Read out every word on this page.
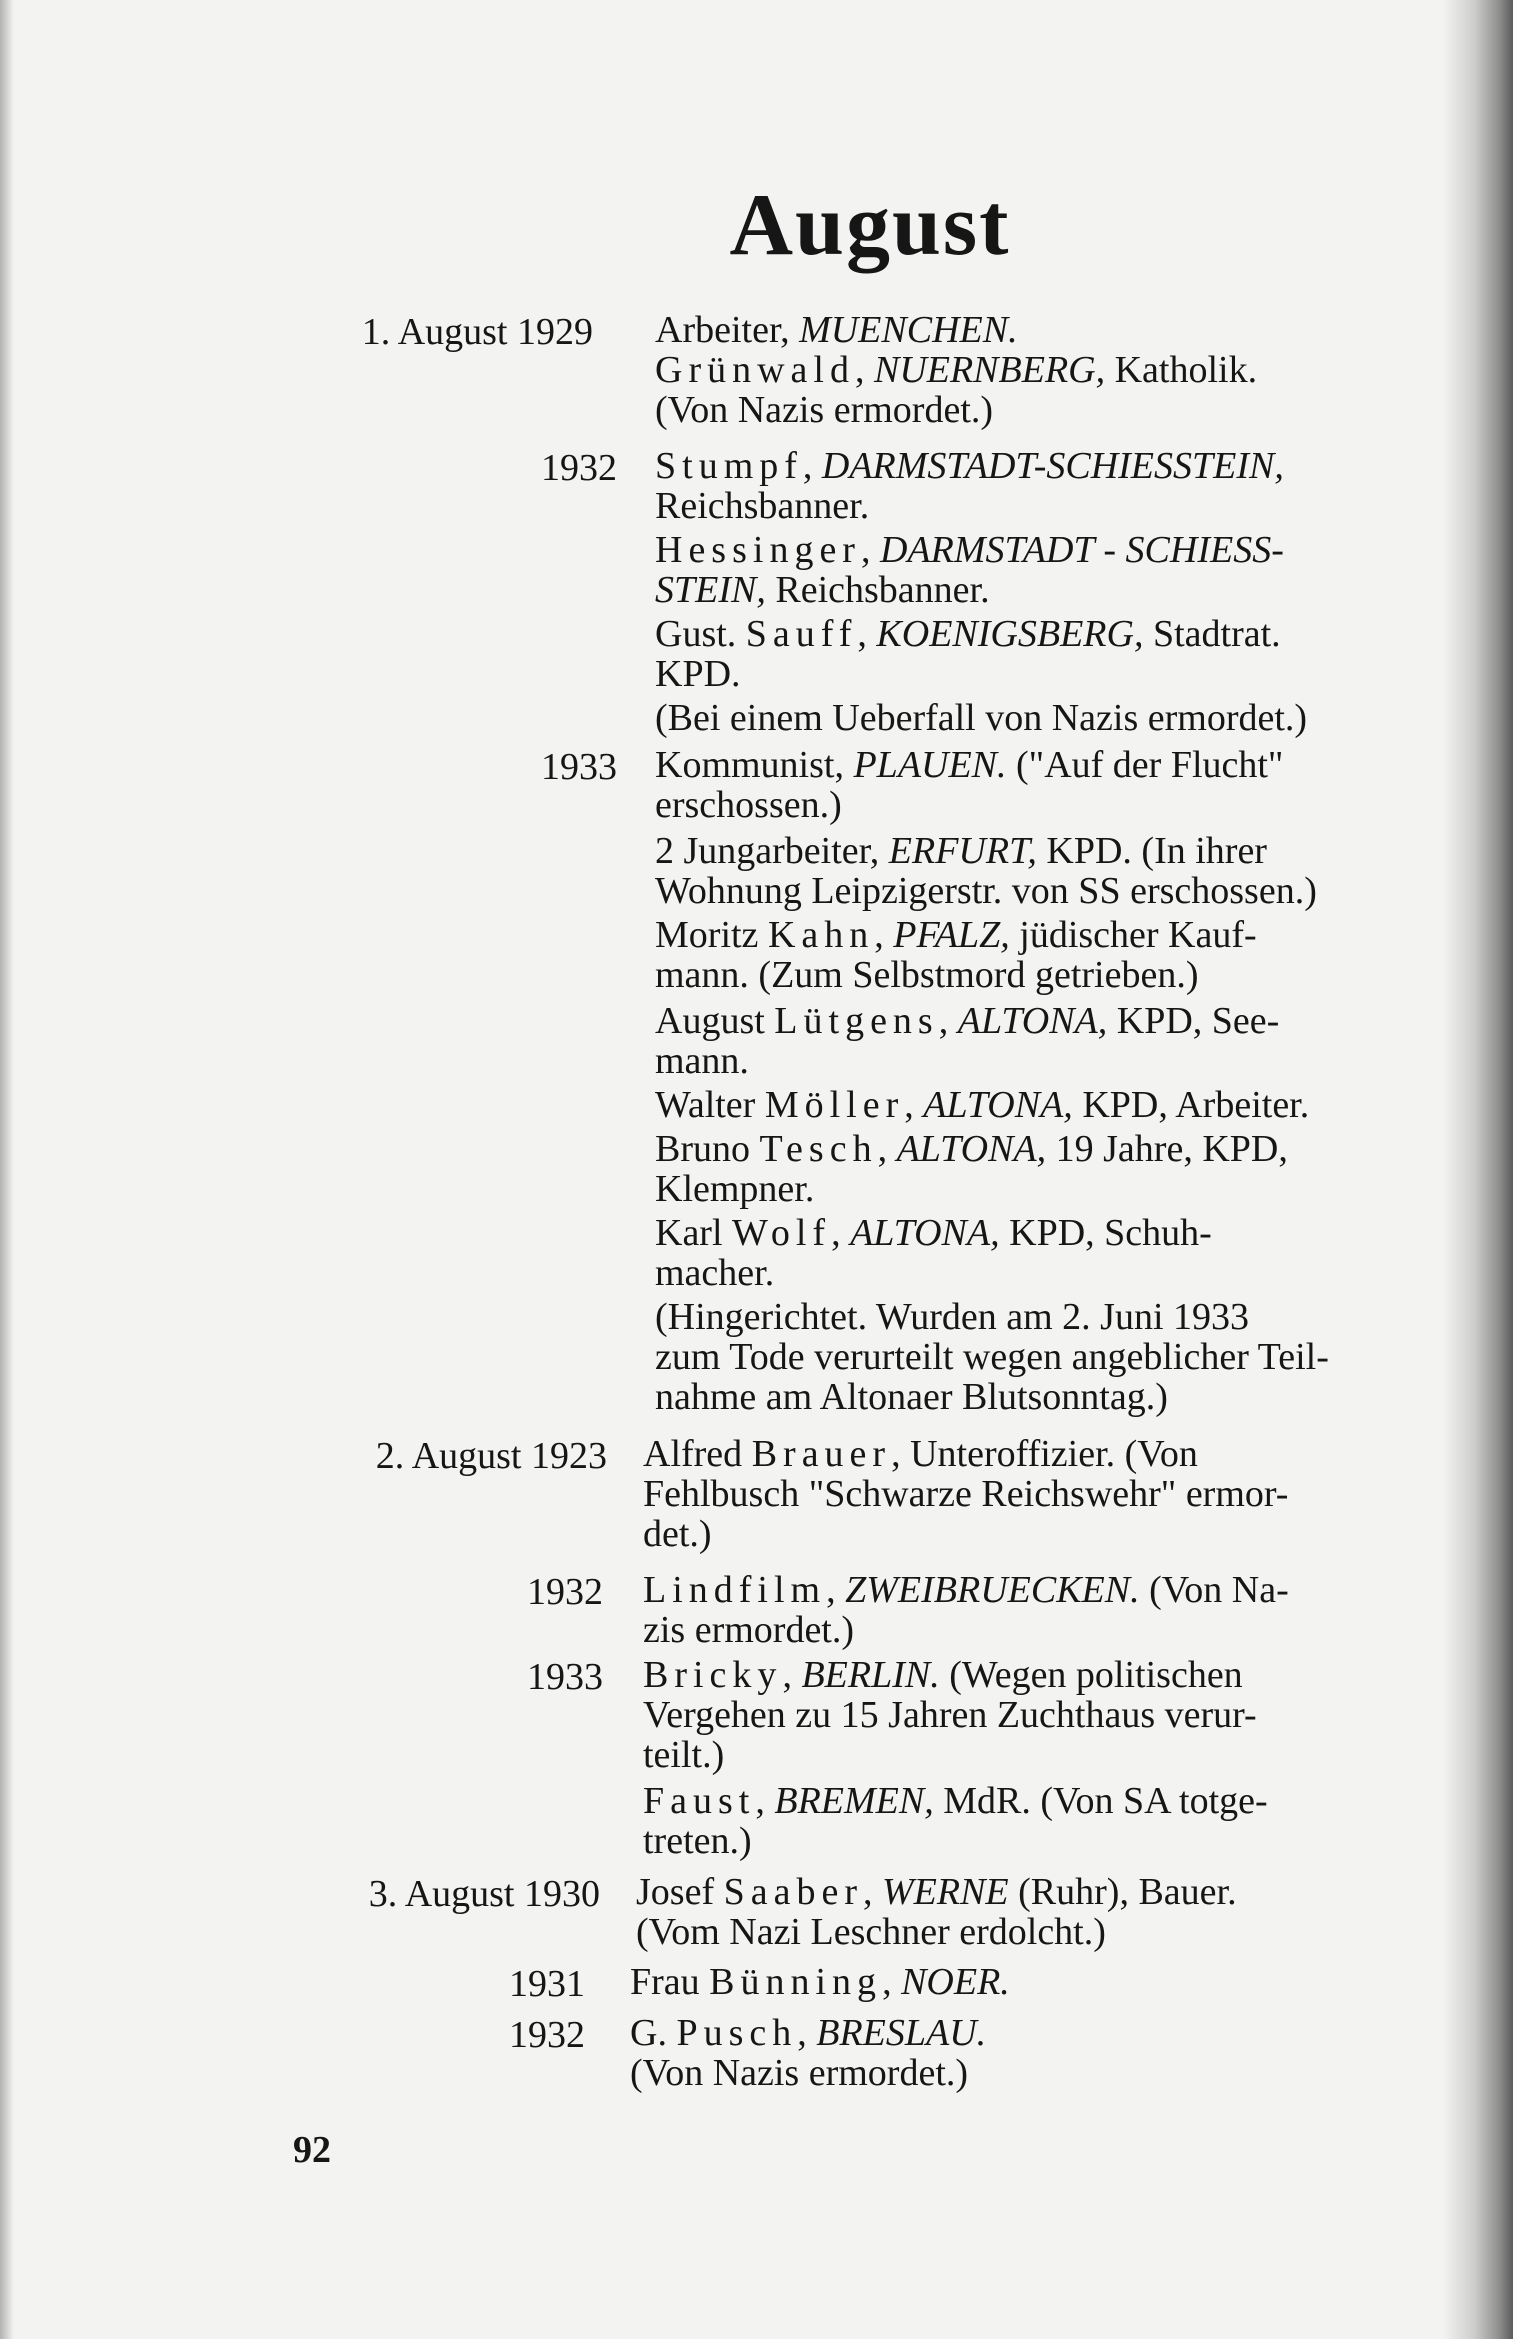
August
1. August 1929
1932
1933
2. August 1923
1932
1933
3. August 1930
1931
1932

Arbeiter, MUENCHEN.

Grünwald, NUERNBERG, Katholik.

(Von Nazis ermordet.)

Stumpf, DARMSTADT-SCHIESSTEIN,

Reichsbanner.

Hessinger, DARMSTADT - SCHIESS-

STEIN, Reichsbanner.

Gust. Sauff, KOENIGSBERG, Stadtrat.

KPD.

(Bei einem Ueberfall von Nazis ermordet.)

Kommunist, PLAUEN. ("Auf der Flucht"

erschossen.)

2 Jungarbeiter, ERFURT, KPD. (In ihrer

Wohnung Leipzigerstr. von SS erschossen.)

Moritz Kahn, PFALZ, jüdischer Kauf-

mann. (Zum Selbstmord getrieben.)

August Lütgens, ALTONA, KPD, See-

mann.

Walter Möller, ALTONA, KPD, Arbeiter.

Bruno Tesch, ALTONA, 19 Jahre, KPD,

Klempner.

Karl Wolf, ALTONA, KPD, Schuh-

macher.

(Hingerichtet. Wurden am 2. Juni 1933

zum Tode verurteilt wegen angeblicher Teil-

nahme am Altonaer Blutsonntag.)

Alfred Brauer, Unteroffizier. (Von

Fehlbusch "Schwarze Reichswehr" ermor-

det.)

Lindfilm, ZWEIBRUECKEN. (Von Na-

zis ermordet.)

Bricky, BERLIN. (Wegen politischen

Vergehen zu 15 Jahren Zuchthaus verur-

teilt.)

Faust, BREMEN, MdR. (Von SA totge-

treten.)

Josef Saaber, WERNE (Ruhr), Bauer.

(Vom Nazi Leschner erdolcht.)

Frau Bünning, NOER.

G. Pusch, BRESLAU.

(Von Nazis ermordet.)

92
